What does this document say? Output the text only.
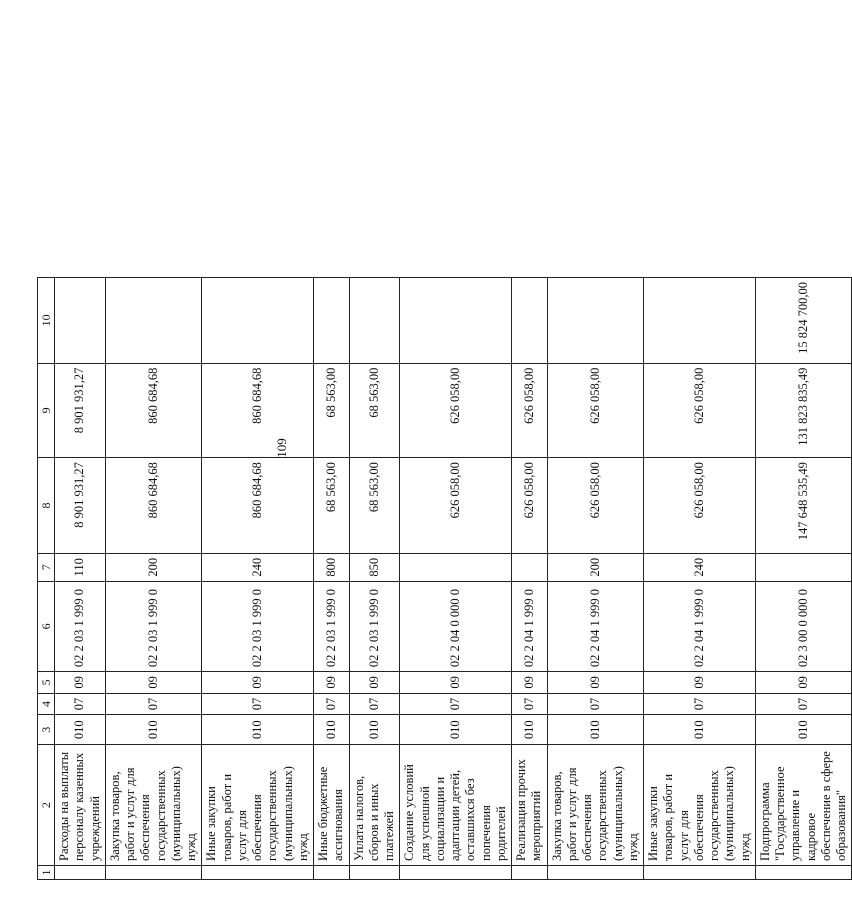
109
1	2	3	4	5	6	7	8	9	10
	Расходы на выплаты персоналу казенных учреждений	010	07	09	02 2 03 1 999 0	110	8 901 931,27	8 901 931,27	
	Закупка товаров, работ и услуг для обеспечения государственных (муниципальных) нужд	010	07	09	02 2 03 1 999 0	200	860 684,68	860 684,68	
	Иные закупки товаров, работ и услуг для обеспечения государственных (муниципальных) нужд	010	07	09	02 2 03 1 999 0	240	860 684,68	860 684,68	
	Иные бюджетные ассигнования	010	07	09	02 2 03 1 999 0	800	68 563,00	68 563,00	
	Уплата налогов, сборов и иных платежей	010	07	09	02 2 03 1 999 0	850	68 563,00	68 563,00	
	Создание условий для успешной социализации и адаптации детей, оставшихся без попечения родителей	010	07	09	02 2 04 0 000 0		626 058,00	626 058,00	
	Реализация прочих мероприятий	010	07	09	02 2 04 1 999 0		626 058,00	626 058,00	
	Закупка товаров, работ и услуг для обеспечения государственных (муниципальных) нужд	010	07	09	02 2 04 1 999 0	200	626 058,00	626 058,00	
	Иные закупки товаров, работ и услуг для обеспечения государственных (муниципальных) нужд	010	07	09	02 2 04 1 999 0	240	626 058,00	626 058,00	
	Подпрограмма "Государственное управление и кадровое обеспечение в сфере образования"	010	07	09	02 3 00 0 000 0		147 648 535,49	131 823 835,49	15 824 700,00
